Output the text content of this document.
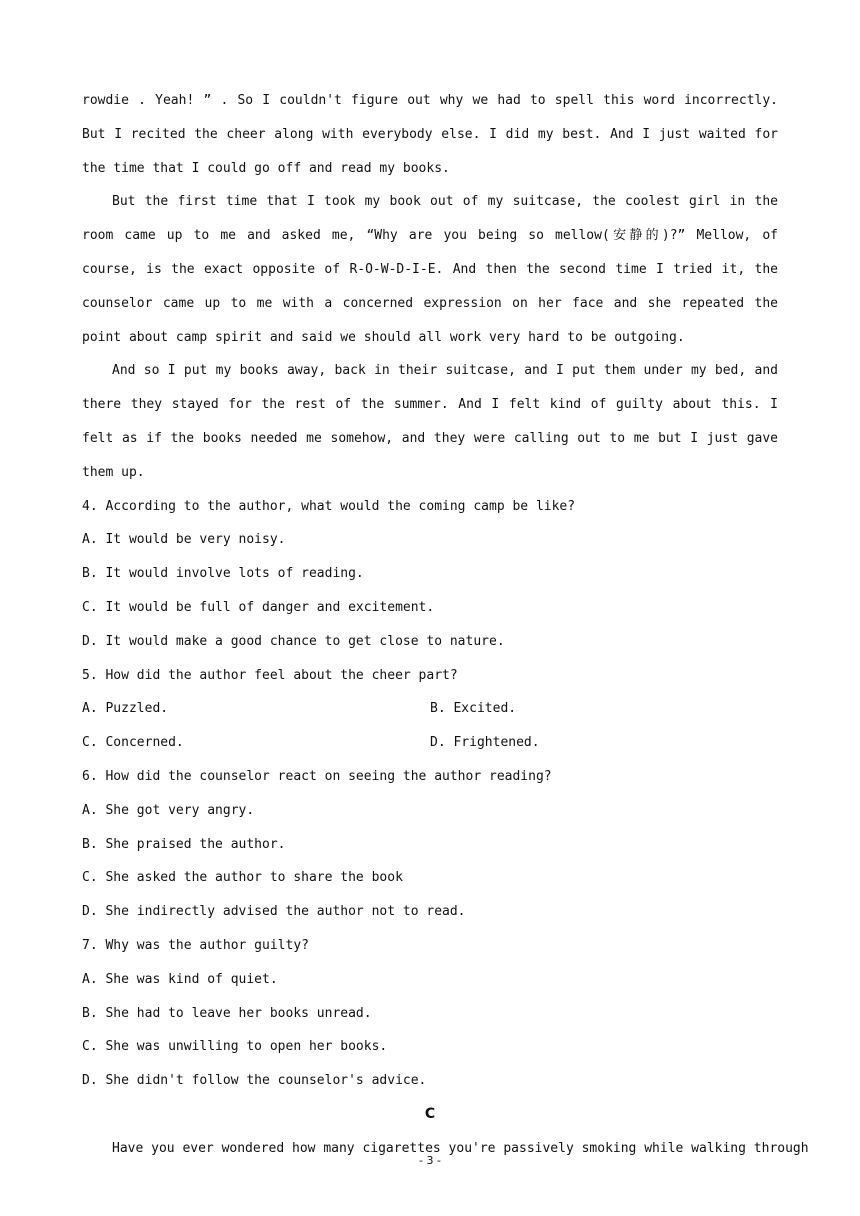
rowdie . Yeah! ” . So I couldn't figure out why we had to spell this word incorrectly. But I recited the cheer along with everybody else. I did my best. And I just waited for the time that I could go off and read my books.

But the first time that I took my book out of my suitcase, the coolest girl in the room came up to me and asked me, “Why are you being so mellow(安静的)?” Mellow, of course, is the exact opposite of R-O-W-D-I-E. And then the second time I tried it, the counselor came up to me with a concerned expression on her face and she repeated the point about camp spirit and said we should all work very hard to be outgoing.

And so I put my books away, back in their suitcase, and I put them under my bed, and there they stayed for the rest of the summer. And I felt kind of guilty about this. I felt as if the books needed me somehow, and they were calling out to me but I just gave them up.

4. According to the author, what would the coming camp be like?
A. It would be very noisy.
B. It would involve lots of reading.
C. It would be full of danger and excitement.
D. It would make a good chance to get close to nature.
5. How did the author feel about the cheer part?
A. Puzzled.	B. Excited.
C. Concerned.	D. Frightened.
6. How did the counselor react on seeing the author reading?
A. She got very angry.
B. She praised the author.
C. She asked the author to share the book
D. She indirectly advised the author not to read.
7. Why was the author guilty?
A. She was kind of quiet.
B. She had to leave her books unread.
C. She was unwilling to open her books.
D. She didn't follow the counselor's advice.
C
Have you ever wondered how many cigarettes you're passively smoking while walking through
- 3 -
